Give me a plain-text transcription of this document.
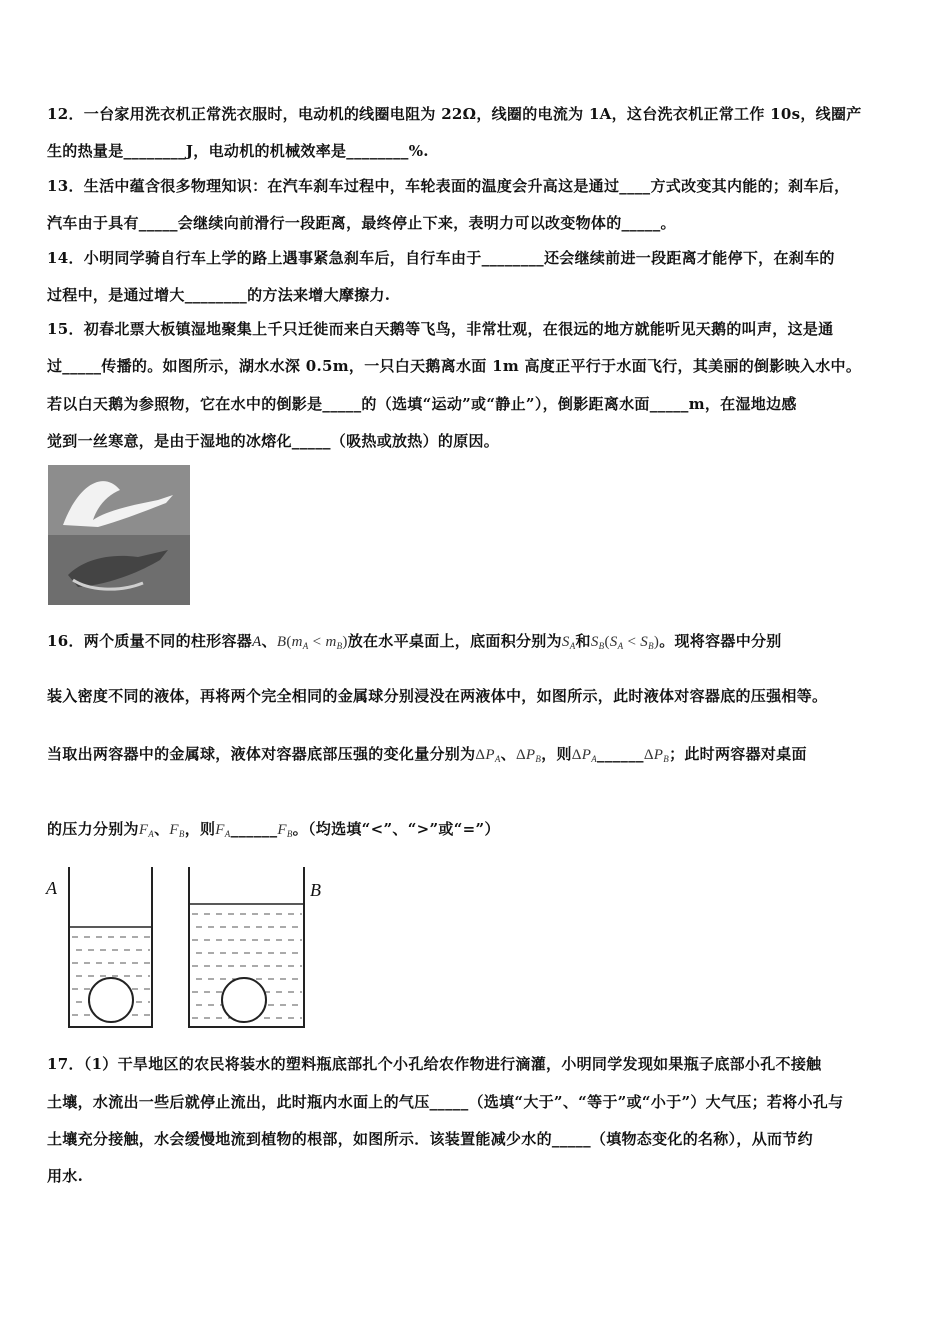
12．一台家用洗衣机正常洗衣服时，电动机的线圈电阻为 22Ω，线圈的电流为 1A，这台洗衣机正常工作 10s，线圈产
生的热量是________J，电动机的机械效率是________%.
13．生活中蕴含很多物理知识：在汽车刹车过程中，车轮表面的温度会升高这是通过____方式改变其内能的；刹车后，
汽车由于具有_____会继续向前滑行一段距离，最终停止下来，表明力可以改变物体的_____。
14．小明同学骑自行车上学的路上遇事紧急刹车后，自行车由于________还会继续前进一段距离才能停下，在刹车的
过程中，是通过增大________的方法来增大摩擦力.
15．初春北票大板镇湿地聚集上千只迁徙而来白天鹅等飞鸟，非常壮观，在很远的地方就能听见天鹅的叫声，这是通
过_____传播的。如图所示，湖水水深 0.5m，一只白天鹅离水面 1m 高度正平行于水面飞行，其美丽的倒影映入水中。
若以白天鹅为参照物，它在水中的倒影是_____的（选填“运动”或“静止”），倒影距离水面_____m，在湿地边感
觉到一丝寒意，是由于湿地的冰熔化_____（吸热或放热）的原因。
16．两个质量不同的柱形容器A、$B(m_A < m_B)$放在水平桌面上，底面积分别为$S_A$和$S_B(S_A < S_B)$。现将容器中分别
装入密度不同的液体，再将两个完全相同的金属球分别浸没在两液体中，如图所示，此时液体对容器底的压强相等。
当取出两容器中的金属球，液体对容器底部压强的变化量分别为$\Delta P_A$、$\Delta P_B$，则$\Delta P_A\_\_\_\_\_\_\Delta P_B$；此时两容器对桌面
的压力分别为$F_A$、$F_B$，则$F_A\_\_\_\_\_\_F_B$。（均选填“<”、“>”或“=”）
A	B
17．（1）干旱地区的农民将装水的塑料瓶底部扎个小孔给农作物进行滴灌，小明同学发现如果瓶子底部小孔不接触
土壤，水流出一些后就停止流出，此时瓶内水面上的气压_____（选填“大于”、“等于”或“小于”）大气压；若将小孔与
土壤充分接触，水会缓慢地流到植物的根部，如图所示．该装置能减少水的_____（填物态变化的名称），从而节约
用水.
